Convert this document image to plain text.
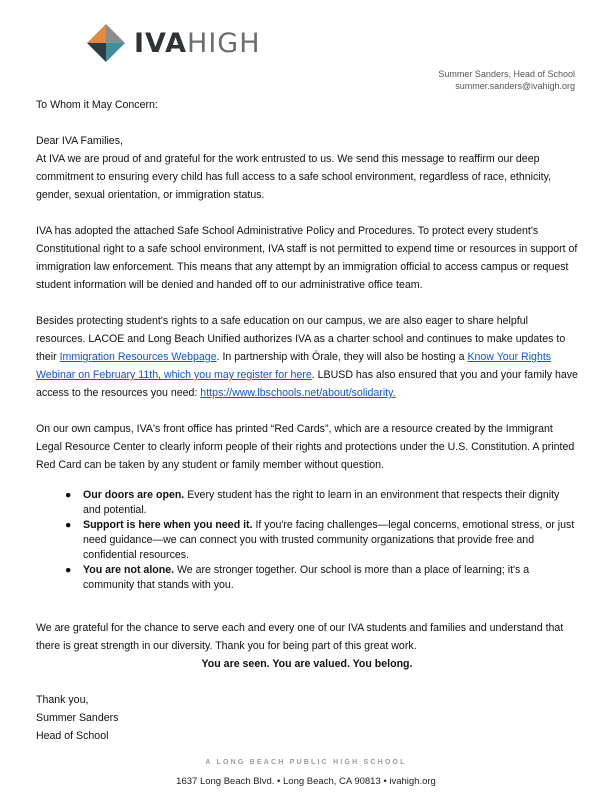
IVAHIGH
Summer Sanders, Head of School
summer.sanders@ivahigh.org

To Whom it May Concern:

Dear IVA Families,

At IVA we are proud of and grateful for the work entrusted to us. We send this message to reaffirm our deep commitment to ensuring every child has full access to a safe school environment, regardless of race, ethnicity, gender, sexual orientation, or immigration status.

IVA has adopted the attached Safe School Administrative Policy and Procedures. To protect every student's Constitutional right to a safe school environment, IVA staff is not permitted to expend time or resources in support of immigration law enforcement. This means that any attempt by an immigration official to access campus or request student information will be denied and handed off to our administrative office team.

Besides protecting student's rights to a safe education on our campus, we are also eager to share helpful resources. LACOE and Long Beach Unified authorizes IVA as a charter school and continues to make updates to their Immigration Resources Webpage. In partnership with Órale, they will also be hosting a Know Your Rights Webinar on February 11th, which you may register for here. LBUSD has also ensured that you and your family have access to the resources you need: https://www.lbschools.net/about/solidarity.

On our own campus, IVA's front office has printed “Red Cards”, which are a resource created by the Immigrant Legal Resource Center to clearly inform people of their rights and protections under the U.S. Constitution. A printed Red Card can be taken by any student or family member without question.

● Our doors are open. Every student has the right to learn in an environment that respects their dignity and potential.
● Support is here when you need it. If you're facing challenges—legal concerns, emotional stress, or just need guidance—we can connect you with trusted community organizations that provide free and confidential resources.
● You are not alone. We are stronger together. Our school is more than a place of learning; it's a community that stands with you.

We are grateful for the chance to serve each and every one of our IVA students and families and understand that there is great strength in our diversity. Thank you for being part of this great work.

You are seen. You are valued. You belong.

Thank you,

Summer Sanders

Head of School

A LONG BEACH PUBLIC HIGH SCHOOL
1637 Long Beach Blvd. • Long Beach, CA 90813 • ivahigh.org
